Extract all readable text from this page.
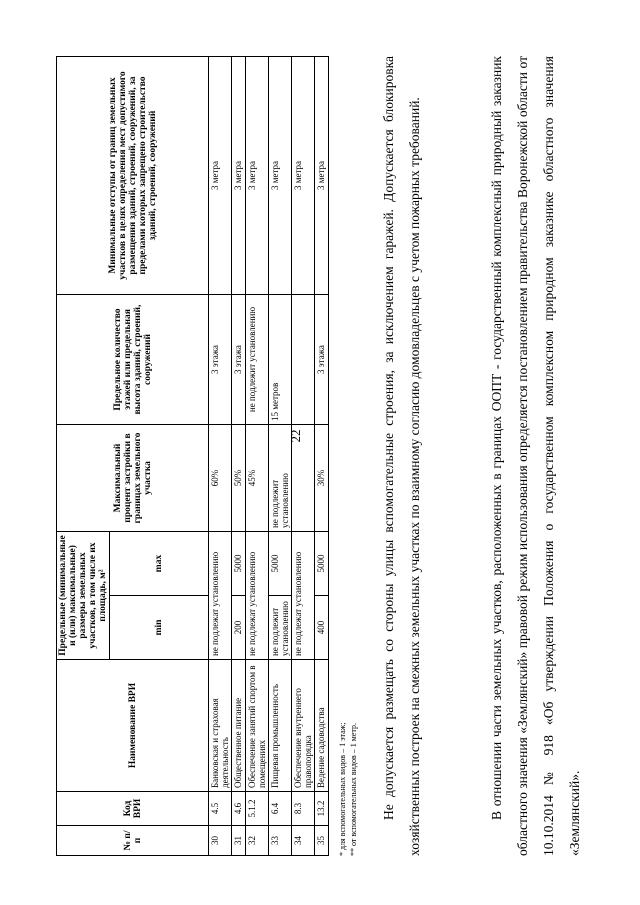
22
№ п/п	Код ВРИ	Наименование ВРИ	Предельные (минимальные и (или) максимальные) размеры земельных участков, в том числе их площадь, м²		Максимальный процент застройки в границах земельного участка	Предельное количество этажей или предельная высота зданий, строений, сооружений	Минимальные отступы от границ земельных участков в целях определения мест допустимого размещения зданий, строений, сооружений, за пределами которых запрещено строительство зданий, строений, сооружений
			min	max			
30	4.5	Банковская и страховая деятельность	не подлежат установлению		60%	3 этажа	3 метра
31	4.6	Общественное питание	200	5000	50%	3 этажа	3 метра
32	5.1.2	Обеспечение занятий спортом в помещениях	не подлежат установлению		45%	не подлежит установлению	3 метра
33	6.4	Пищевая промышленность	не подлежит установлению	5000	не подлежит установлению	15 метров	3 метра
34	8.3	Обеспечение внутреннего правопорядка	не подлежат установлению				3 метра
35	13.2	Ведение садоводства	400	5000	30%	3 этажа	3 метра
* для вспомогательных видов – 1 этаж; ** от вспомогательных видов – 1 метр.	Не допускается размещать со стороны улицы вспомогательные строения, за исключением гаражей. Допускается блокировка хозяйственных построек на смежных земельных участках по взаимному согласию домовладельцев с учетом пожарных требований.	В отношении части земельных участков, расположенных в границах ООПТ - государственный комплексный природный заказник областного значения «Землянский» правовой режим использования определяется постановлением правительства Воронежской области от 10.10.2014 № 918 «Об утверждении Положения о государственном комплексном природном заказнике областного значения «Землянский».
